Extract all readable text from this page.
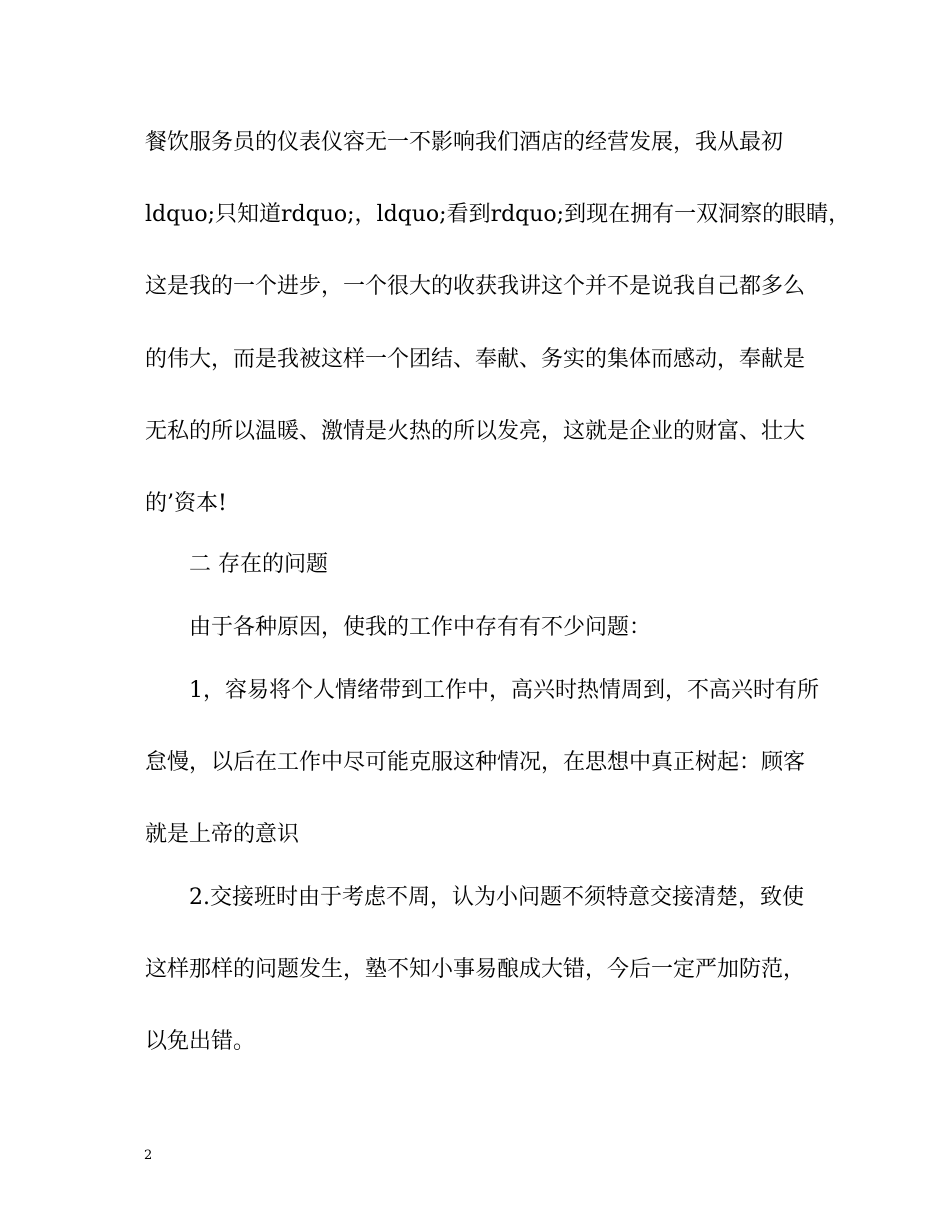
餐饮服务员的仪表仪容无一不影响我们酒店的经营发展，我从最初
ldquo;只知道rdquo;，ldquo;看到rdquo;到现在拥有一双洞察的眼睛，
这是我的一个进步，一个很大的收获我讲这个并不是说我自己都多么
的伟大，而是我被这样一个团结、奉献、务实的集体而感动，奉献是
无私的所以温暖、激情是火热的所以发亮，这就是企业的财富、壮大
的’资本!
二 存在的问题
由于各种原因，使我的工作中存有有不少问题：
1，容易将个人情绪带到工作中，高兴时热情周到，不高兴时有所
怠慢，以后在工作中尽可能克服这种情况，在思想中真正树起：顾客
就是上帝的意识
2.交接班时由于考虑不周，认为小问题不须特意交接清楚，致使
这样那样的问题发生，塾不知小事易酿成大错，今后一定严加防范，
以免出错。
2
